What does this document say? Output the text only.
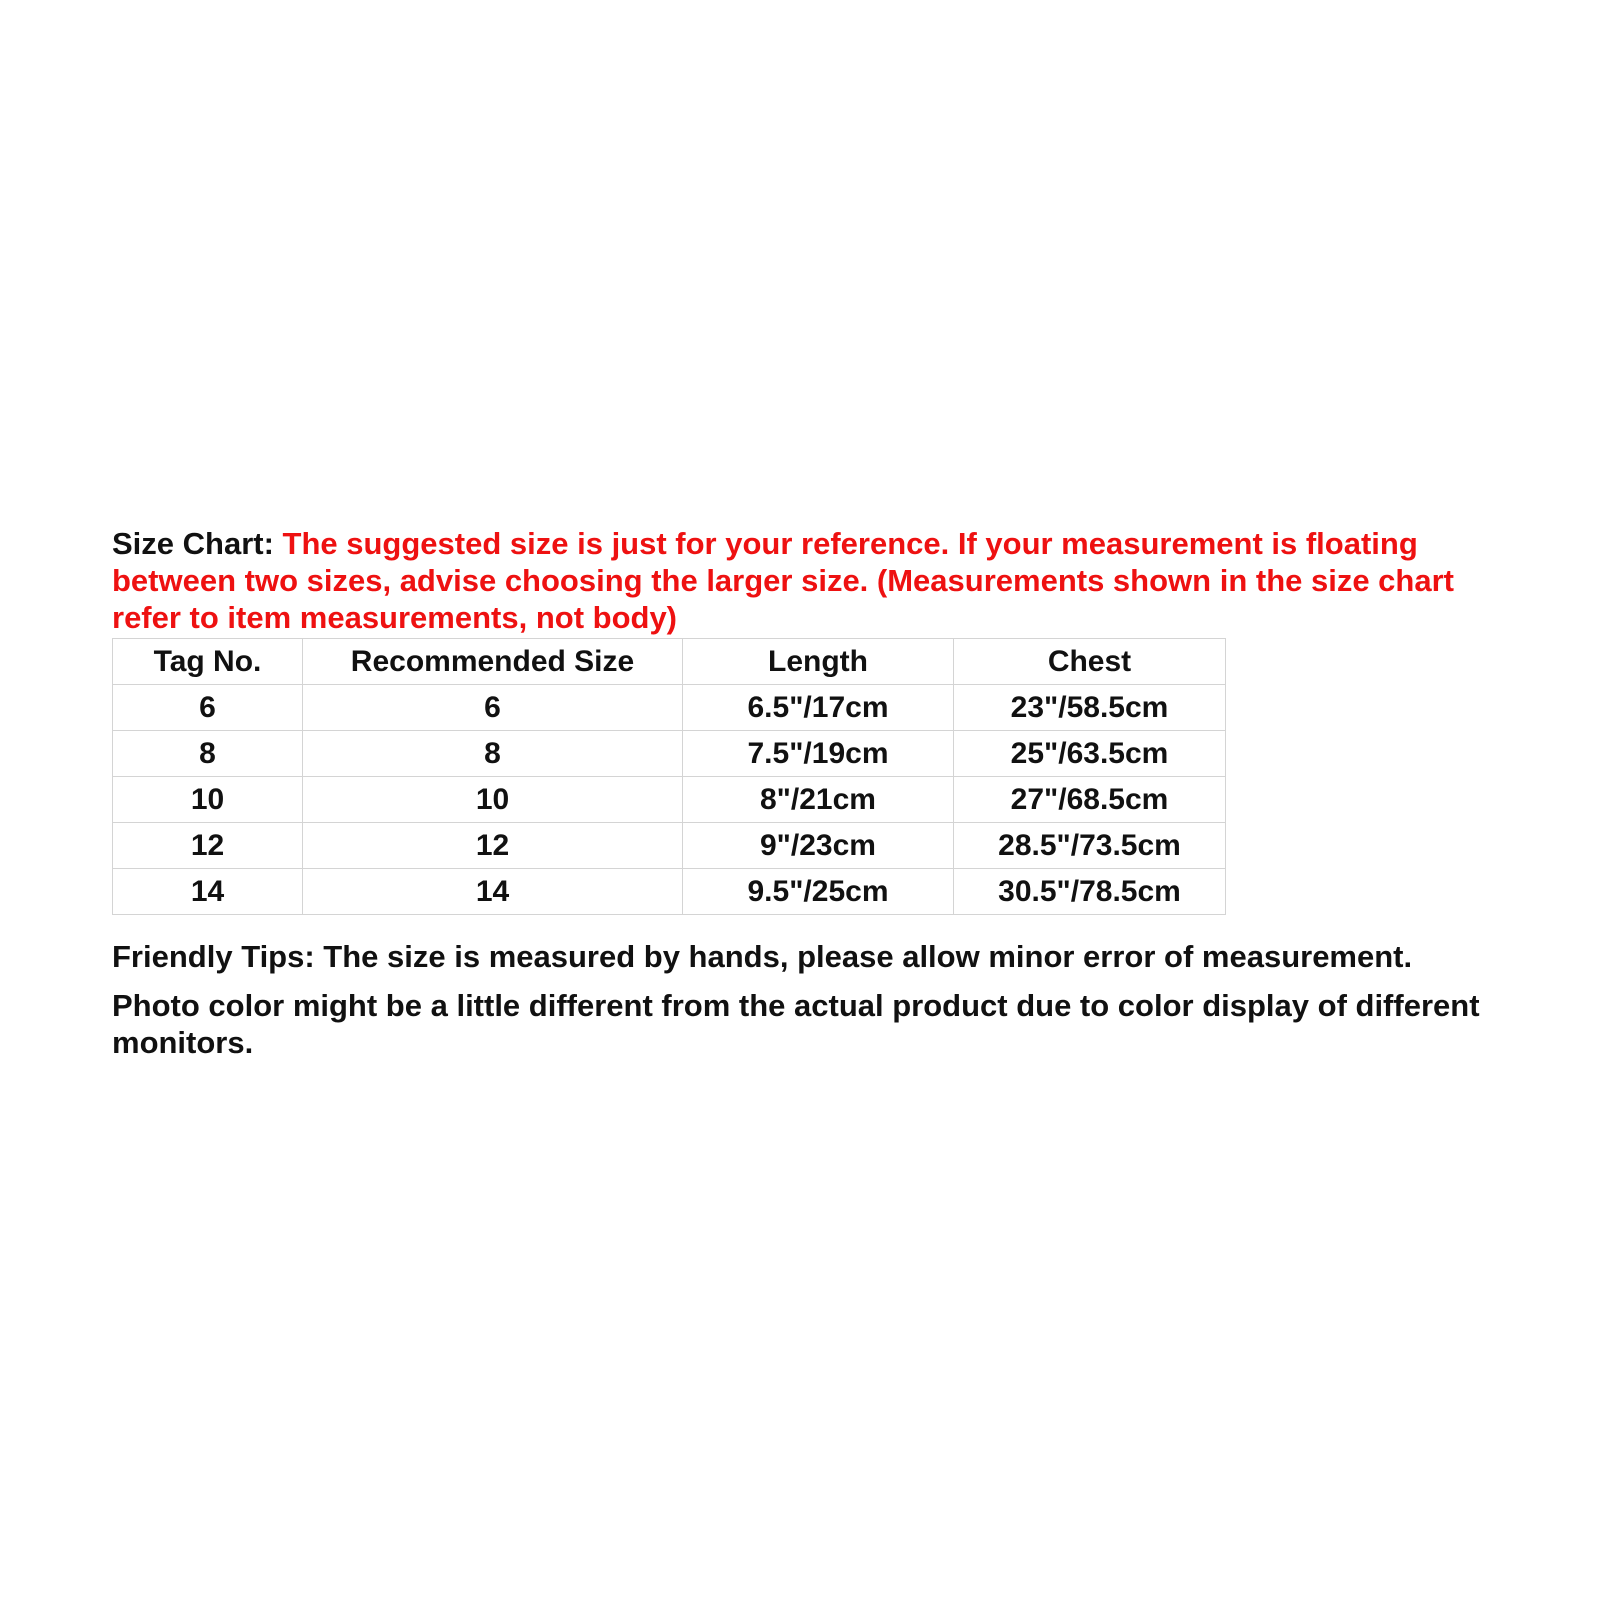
Size Chart: The suggested size is just for your reference. If your measurement is floating between two sizes, advise choosing the larger size. (Measurements shown in the size chart refer to item measurements, not body)

Tag No.	Recommended Size	Length	Chest
6	6	6.5"/17cm	23"/58.5cm
8	8	7.5"/19cm	25"/63.5cm
10	10	8"/21cm	27"/68.5cm
12	12	9"/23cm	28.5"/73.5cm
14	14	9.5"/25cm	30.5"/78.5cm
Friendly Tips: The size is measured by hands, please allow minor error of measurement.
Photo color might be a little different from the actual product due to color display of different monitors.
